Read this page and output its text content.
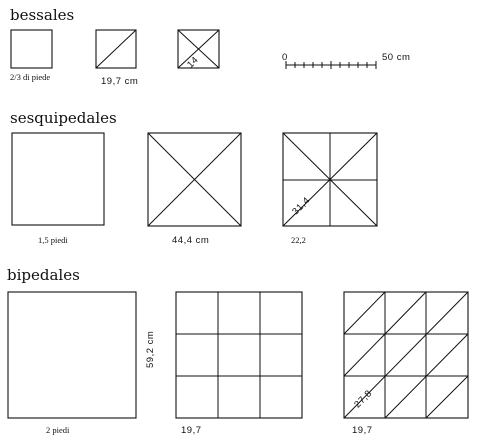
bessales
2/3 di piede	19,7 cm
14	0	50 cm
sesquipedales
1,5 piedi	44,4 cm	22,2
31,4
bipedales
2 piedi
59,2 cm
19,7	19,7
27,8
